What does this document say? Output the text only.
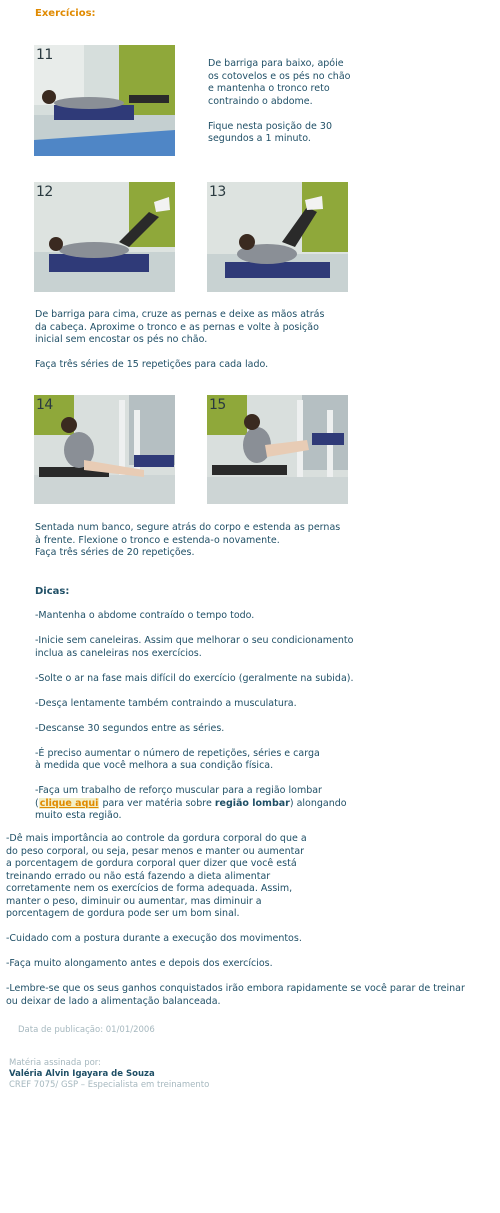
Exercícios:
11
De barriga para baixo, apóie
os cotovelos e os pés no chão
e mantenha o tronco reto
contraindo o abdome.
Fique nesta posição de 30
segundos a 1 minuto.
12	13
De barriga para cima, cruze as pernas e deixe as mãos atrás
da cabeça. Aproxime o tronco e as pernas e volte à posição
inicial sem encostar os pés no chão.
Faça três séries de 15 repetições para cada lado.
14	15
Sentada num banco, segure atrás do corpo e estenda as pernas
à frente. Flexione o tronco e estenda-o novamente.
Faça três séries de 20 repetições.
Dicas:
-Mantenha o abdome contraído o tempo todo.
-Inicie sem caneleiras. Assim que melhorar o seu condicionamento
inclua as caneleiras nos exercícios.
-Solte o ar na fase mais difícil do exercício (geralmente na subida).
-Desça lentamente também contraindo a musculatura.
-Descanse 30 segundos entre as séries.
-É preciso aumentar o número de repetições, séries e carga
à medida que você melhora a sua condição física.
-Faça um trabalho de reforço muscular para a região lombar
(clique aqui para ver matéria sobre região lombar) alongando
muito esta região.
-Dê mais importância ao controle da gordura corporal do que a
do peso corporal, ou seja, pesar menos e manter ou aumentar
a porcentagem de gordura corporal quer dizer que você está
treinando errado ou não está fazendo a dieta alimentar
corretamente nem os exercícios de forma adequada. Assim,
manter o peso, diminuir ou aumentar, mas diminuir a
porcentagem de gordura pode ser um bom sinal.
-Cuidado com a postura durante a execução dos movimentos.
-Faça muito alongamento antes e depois dos exercícios.
-Lembre-se que os seus ganhos conquistados irão embora rapidamente se você parar de treinar
ou deixar de lado a alimentação balanceada.
Data de publicação: 01/01/2006
Matéria assinada por:
Valéria Alvin Igayara de Souza
CREF 7075/ GSP – Especialista em treinamento
